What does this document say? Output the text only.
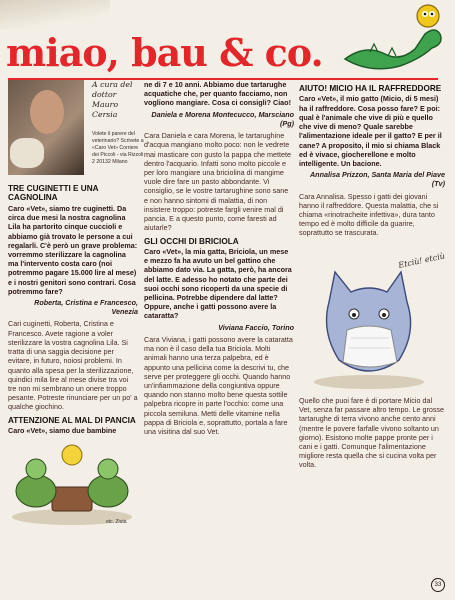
miao, bau & co.
A cura del dottor Mauro Cersia
Volete il parere del veterinario? Scrivete a «Caro Vet» Corriere dei Piccoli - via Rizzoli 2 20132 Milano
TRE CUGINETTI E UNA CAGNOLINA

Caro «Vet», siamo tre cuginetti. Da circa due mesi la nostra cagnolina Lila ha partorito cinque cuccioli e abbiamo già trovato le persone a cui regalarli. C'è però un grave problema: vorremmo sterilizzare la cagnolina ma l'intervento costa caro (noi potremmo pagare 15.000 lire al mese) e i nostri genitori sono contrari. Cosa potremmo fare?

Roberta, Cristina e Francesco, Venezia

Cari cuginetti, Roberta, Cristina e Francesco. Avete ragione a voler sterilizzare la vostra cagnolina Lila. Si tratta di una saggia decisione per evitare, in futuro, noiosi problemi. In quanto alla spesa per la sterilizzazione, quindici mila lire al mese divise tra voi tre non mi sembrano un onere troppo pesante. Potreste rinunciare per un po' a qualche giochino.

ATTENZIONE AL MAL DI PANCIA

Caro «Vet», siamo due bambine

etc. Ziuta

ne di 7 e 10 anni. Abbiamo due tartarughe acquatiche che, per quanto facciamo, non vogliono mangiare. Cosa ci consigli? Ciao!

Daniela e Morena Montecucco, Marsciano (Pg)

Cara Daniela e cara Morena, le tartarughine d'acqua mangiano molto poco: non le vedrete mai masticare con gusto la pappa che mettete dentro l'acquario. Infatti sono molto piccole e per loro mangiare una briciolina di mangime vuole dire fare un pasto abbondante. Vi consiglio, se le vostre tartarughine sono sane e non hanno sintomi di malattia, di non insistere troppo: potreste fargli venire mal di pancia. E a questo punto, come faresti ad aiutarle?

GLI OCCHI DI BRICIOLA

Caro «Vet», la mia gatta, Briciola, un mese e mezzo fa ha avuto un bel gattino che abbiamo dato via. La gatta, però, ha ancora del latte. E adesso ho notato che parte dei suoi occhi sono ricoperti da una specie di pellicina. Potrebbe dipendere dal latte? Oppure, anche i gatti possono avere la cataratta?

Viviana Faccio, Torino

Cara Viviana, i gatti possono avere la cataratta ma non è il caso della tua Briciola. Molti animali hanno una terza palpebra, ed è appunto una pellicina come la descrivi tu, che serve per proteggere gli occhi. Quando hanno un'infiammazione della congiuntiva oppure quando non stanno molto bene questa sottile palpebra ricopre in parte l'occhio: come una piccola semiluna. Metti delle vitamine nella pappa di Briciola e, soprattutto, portala a fare una visitina dal suo Vet.

AIUTO! MICIO HA IL RAFFREDDORE

Caro «Vet», il mio gatto (Micio, di 5 mesi) ha il raffreddore. Cosa posso fare? E poi: qual è l'animale che vive di più e quello che vive di meno? Quale sarebbe l'alimentazione ideale per il gatto? E per il cane? A proposito, il mio si chiama Black ed è vivace, giocherellone e molto intelligente. Un bacione.

Annalisa Prizzon, Santa Maria del Piave (Tv)

Cara Annalisa. Spesso i gatti dei giovani hanno il raffreddore. Questa malattia, che si chiama «rinotracheite infettiva», dura tanto tempo ed è molto difficile da guarire, soprattutto se trascurata.

Etciù! etciù!

Quello che puoi fare è di portare Micio dal Vet, senza far passare altro tempo. Le grosse tartarughe di terra vivono anche cento anni (mentre le povere farfalle vivono soltanto un giorno). Esistono molte pappe pronte per i cani e i gatti. Comunque l'alimentazione migliore resta quella che si cucina volta per volta.

33
